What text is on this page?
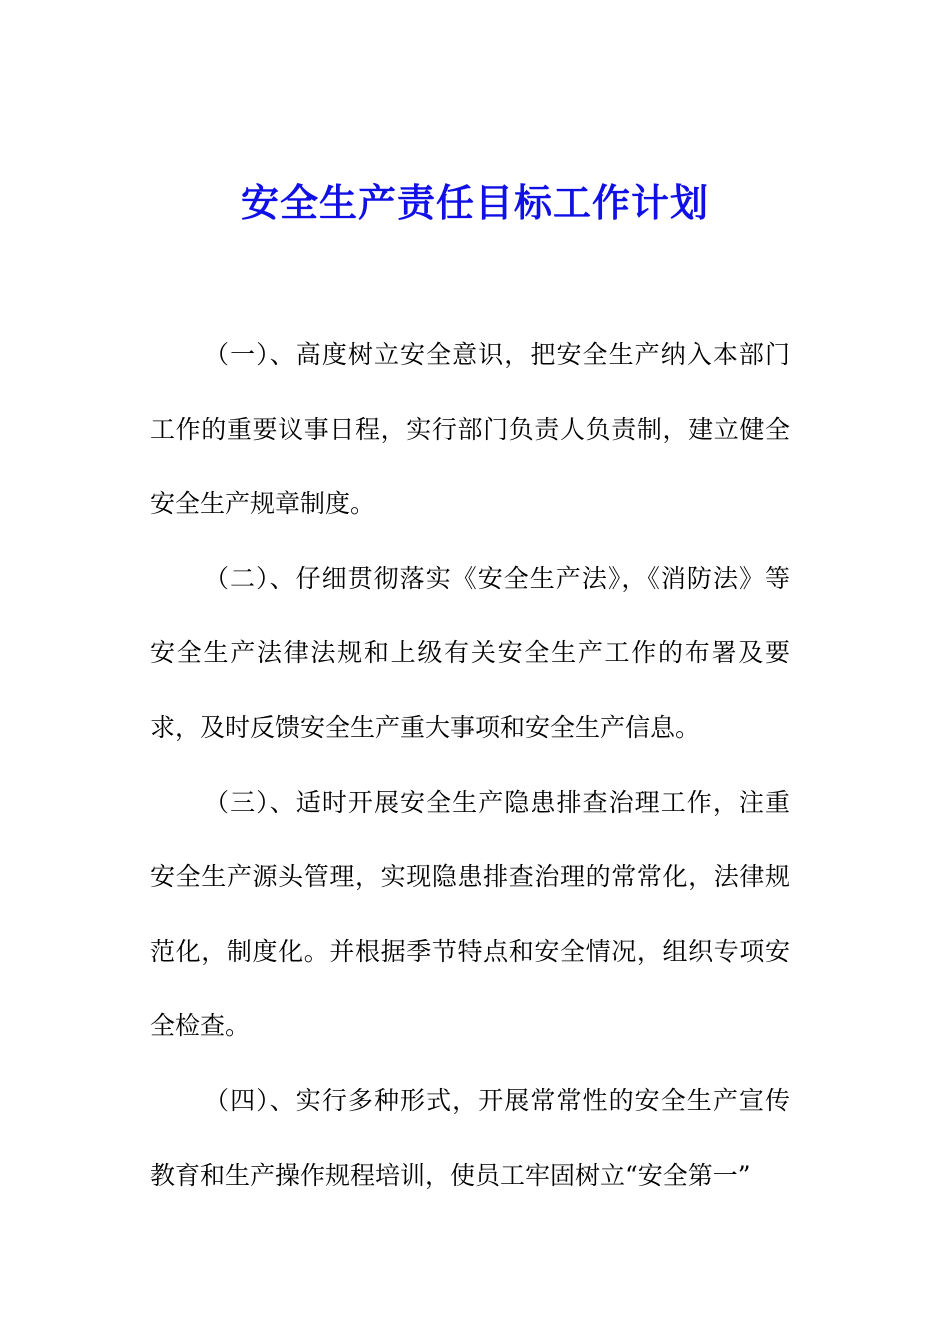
安全生产责任目标工作计划

（一）、高度树立安全意识，把安全生产纳入本部门工作的重要议事日程，实行部门负责人负责制，建立健全安全生产规章制度。

（二）、仔细贯彻落实《安全生产法》，《消防法》等安全生产法律法规和上级有关安全生产工作的布署及要求，及时反馈安全生产重大事项和安全生产信息。

（三）、适时开展安全生产隐患排查治理工作，注重安全生产源头管理，实现隐患排查治理的常常化，法律规范化，制度化。并根据季节特点和安全情况，组织专项安全检查。

（四）、实行多种形式，开展常常性的安全生产宣传教育和生产操作规程培训，使员工牢固树立“安全第一”
